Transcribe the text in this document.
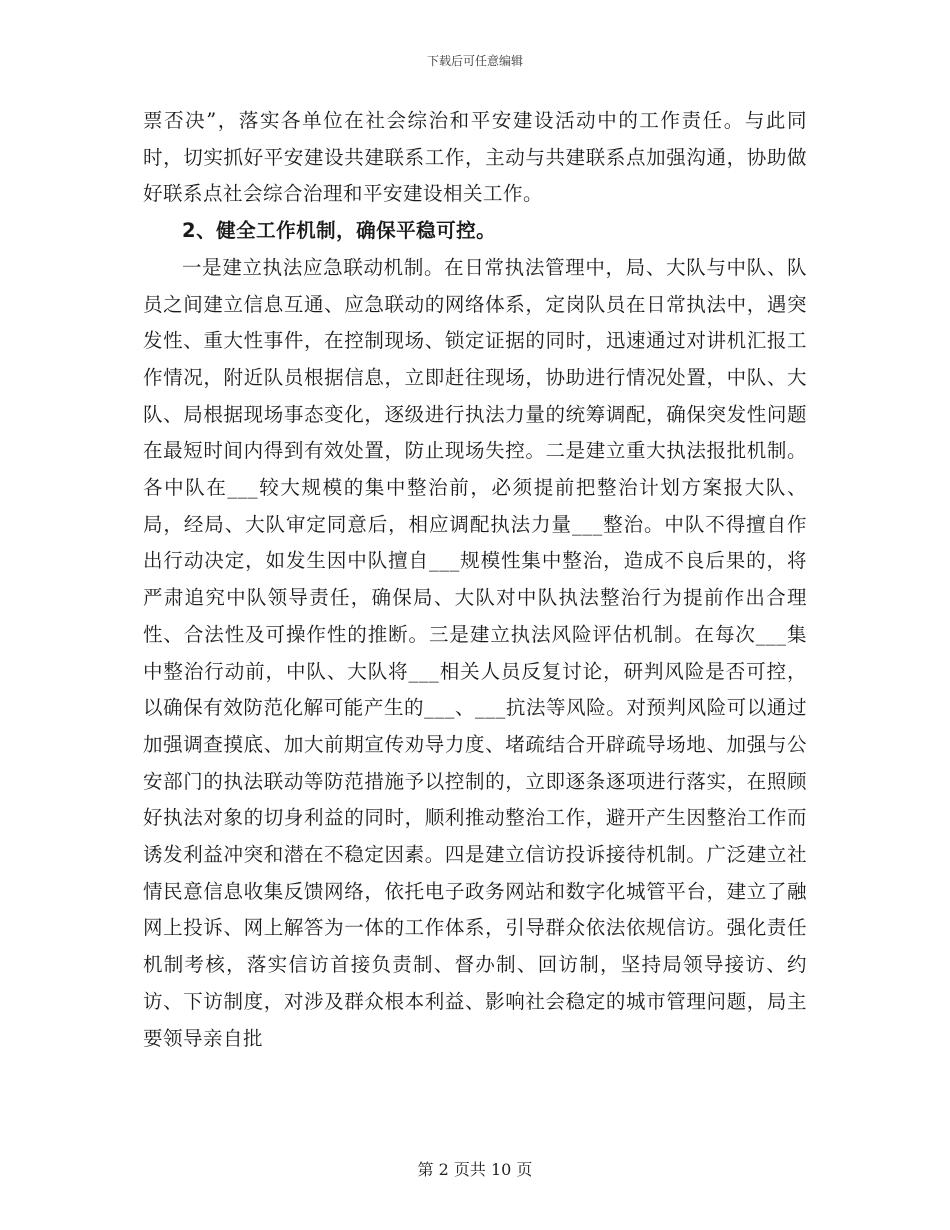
下载后可任意编辑

票否决”，落实各单位在社会综治和平安建设活动中的工作责任。与此同时，切实抓好平安建设共建联系工作，主动与共建联系点加强沟通，协助做好联系点社会综合治理和平安建设相关工作。

2、健全工作机制，确保平稳可控。

一是建立执法应急联动机制。在日常执法管理中，局、大队与中队、队员之间建立信息互通、应急联动的网络体系，定岗队员在日常执法中，遇突发性、重大性事件，在控制现场、锁定证据的同时，迅速通过对讲机汇报工作情况，附近队员根据信息，立即赶往现场，协助进行情况处置，中队、大队、局根据现场事态变化，逐级进行执法力量的统筹调配，确保突发性问题在最短时间内得到有效处置，防止现场失控。二是建立重大执法报批机制。各中队在___较大规模的集中整治前，必须提前把整治计划方案报大队、局，经局、大队审定同意后，相应调配执法力量___整治。中队不得擅自作出行动决定，如发生因中队擅自___规模性集中整治，造成不良后果的，将严肃追究中队领导责任，确保局、大队对中队执法整治行为提前作出合理性、合法性及可操作性的推断。三是建立执法风险评估机制。在每次___集中整治行动前，中队、大队将___相关人员反复讨论，研判风险是否可控，以确保有效防范化解可能产生的___、___抗法等风险。对预判风险可以通过加强调查摸底、加大前期宣传劝导力度、堵疏结合开辟疏导场地、加强与公安部门的执法联动等防范措施予以控制的，立即逐条逐项进行落实，在照顾好执法对象的切身利益的同时，顺利推动整治工作，避开产生因整治工作而诱发利益冲突和潜在不稳定因素。四是建立信访投诉接待机制。广泛建立社情民意信息收集反馈网络，依托电子政务网站和数字化城管平台，建立了融网上投诉、网上解答为一体的工作体系，引导群众依法依规信访。强化责任机制考核，落实信访首接负责制、督办制、回访制，坚持局领导接访、约访、下访制度，对涉及群众根本利益、影响社会稳定的城市管理问题，局主要领导亲自批

第 2 页共 10 页
